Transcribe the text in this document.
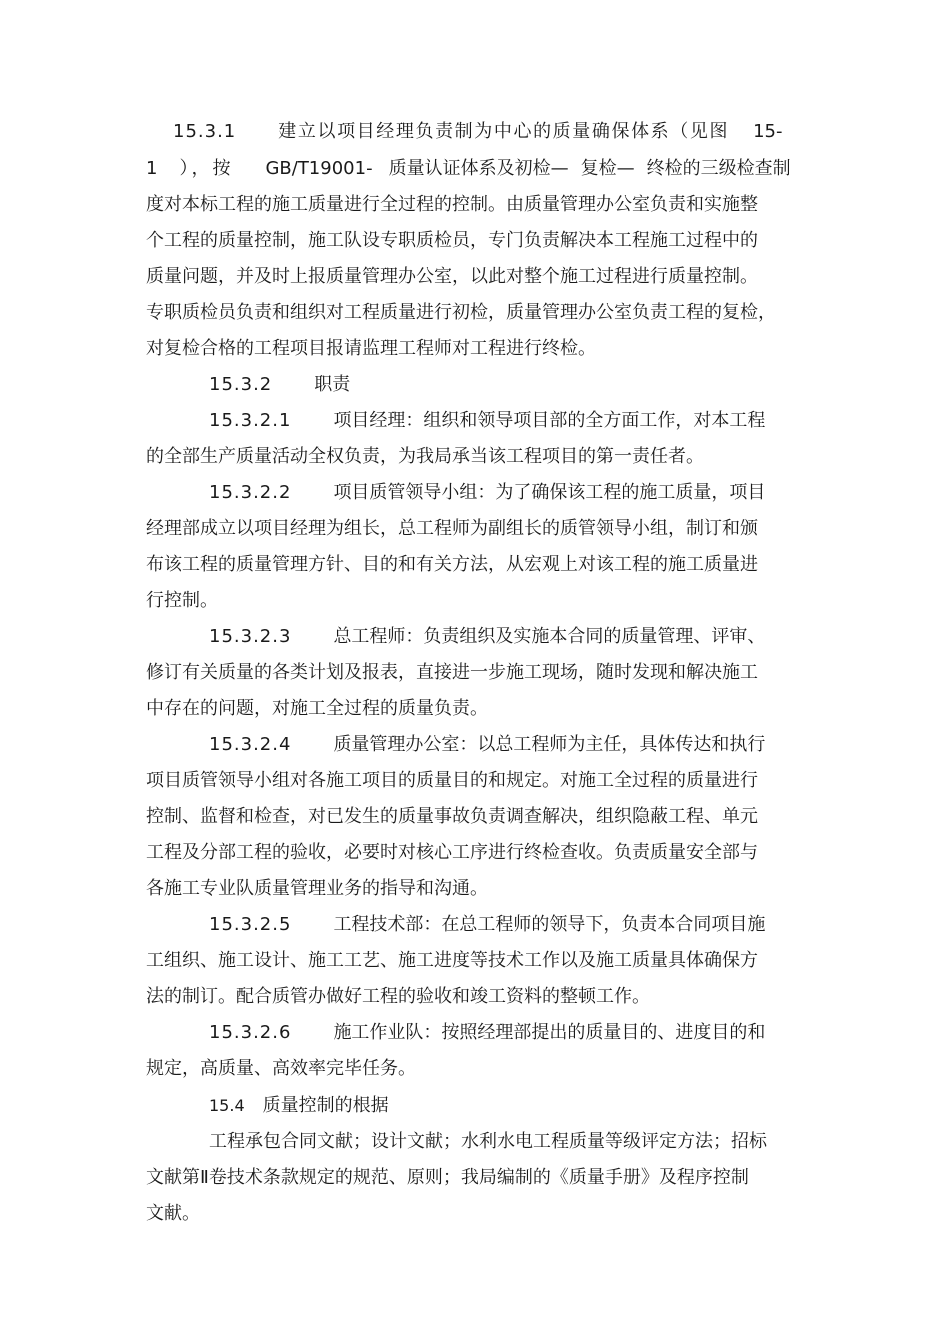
15.3.1 建立以项目经理负责制为中心的质量确保体系（见图 15-
1 ），按 GB/T19001- 质量认证体系及初检— 复检— 终检的三级检查制
度对本标工程的施工质量进行全过程的控制。由质量管理办公室负责和实施整
个工程的质量控制，施工队设专职质检员，专门负责解决本工程施工过程中的
质量问题，并及时上报质量管理办公室，以此对整个施工过程进行质量控制。
专职质检员负责和组织对工程质量进行初检，质量管理办公室负责工程的复检，
对复检合格的工程项目报请监理工程师对工程进行终检。
15.3.2 职责
15.3.2.1 项目经理：组织和领导项目部的全方面工作，对本工程
的全部生产质量活动全权负责，为我局承当该工程项目的第一责任者。
15.3.2.2 项目质管领导小组：为了确保该工程的施工质量，项目
经理部成立以项目经理为组长，总工程师为副组长的质管领导小组，制订和颁
布该工程的质量管理方针、目的和有关方法，从宏观上对该工程的施工质量进
行控制。
15.3.2.3 总工程师：负责组织及实施本合同的质量管理、评审、
修订有关质量的各类计划及报表，直接进一步施工现场，随时发现和解决施工
中存在的问题，对施工全过程的质量负责。
15.3.2.4 质量管理办公室：以总工程师为主任，具体传达和执行
项目质管领导小组对各施工项目的质量目的和规定。对施工全过程的质量进行
控制、监督和检查，对已发生的质量事故负责调查解决，组织隐蔽工程、单元
工程及分部工程的验收，必要时对核心工序进行终检查收。负责质量安全部与
各施工专业队质量管理业务的指导和沟通。
15.3.2.5 工程技术部：在总工程师的领导下，负责本合同项目施
工组织、施工设计、施工工艺、施工进度等技术工作以及施工质量具体确保方
法的制订。配合质管办做好工程的验收和竣工资料的整顿工作。
15.3.2.6 施工作业队：按照经理部提出的质量目的、进度目的和
规定，高质量、高效率完毕任务。
15.4 质量控制的根据
工程承包合同文献；设计文献；水利水电工程质量等级评定方法；招标
文献第Ⅱ卷技术条款规定的规范、原则；我局编制的《质量手册》及程序控制
文献。
